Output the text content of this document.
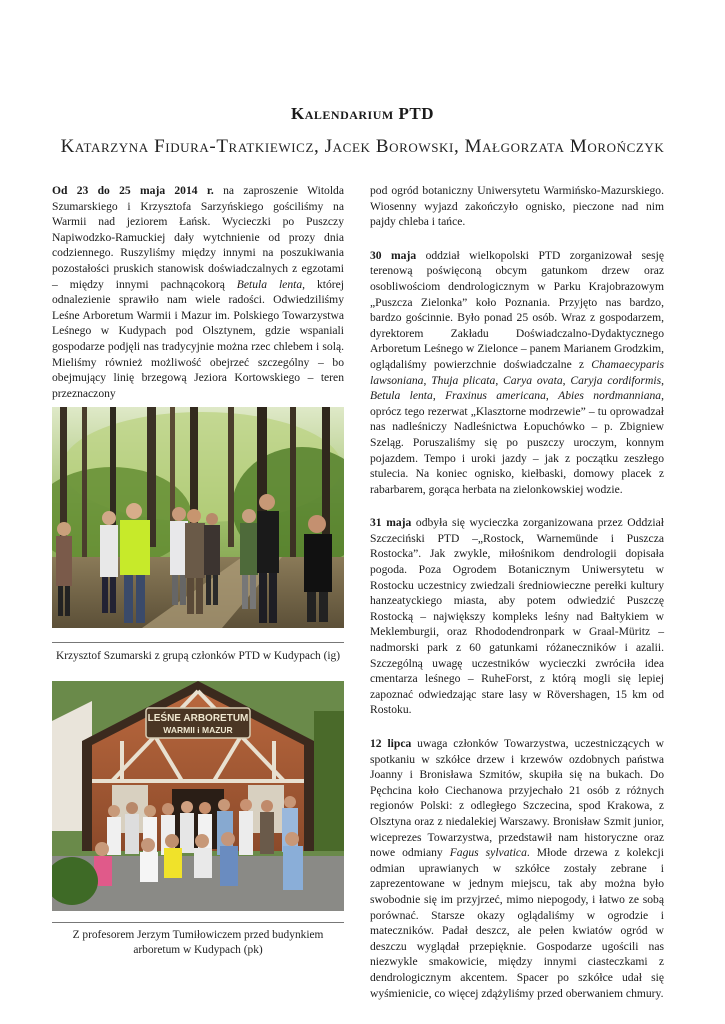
Kalendarium PTD
Katarzyna Fidura-Tratkiewicz, Jacek Borowski, Małgorzata Morończyk

Od 23 do 25 maja 2014 r. na zaproszenie Witolda Szumarskiego i Krzysztofa Sarzyńskiego gościliśmy na Warmii nad jeziorem Łańsk. Wycieczki po Puszczy Napiwodzko-Ramuckiej dały wytchnienie od prozy dnia codziennego. Ruszyliśmy między innymi na poszukiwania pozostałości pruskich stanowisk doświadczalnych z egzotami – między innymi pachnącokorą Betula lenta, której odnalezienie sprawiło nam wiele radości. Odwiedziliśmy Leśne Arboretum Warmii i Mazur im. Polskiego Towarzystwa Leśnego w Kudypach pod Olsztynem, gdzie wspaniali gospodarze podjęli nas tradycyjnie można rzec chlebem i solą. Mieliśmy również możliwość obejrzeć szczególny – bo obejmujący linię brzegową Jeziora Kortowskiego – teren przeznaczony

Krzysztof Szumarski z grupą członków PTD w Kudypach (ig)
LEŚNE ARBORETUM
WARMII i MAZUR
Z profesorem Jerzym Tumiłowiczem przed budynkiem arboretum w Kudypach (pk)

pod ogród botaniczny Uniwersytetu Warmińsko-Mazurskiego. Wiosenny wyjazd zakończyło ognisko, pieczone nad nim pajdy chleba i tańce.

30 maja oddział wielkopolski PTD zorganizował sesję terenową poświęconą obcym gatunkom drzew oraz osobliwościom dendrologicznym w Parku Krajobrazowym „Puszcza Zielonka” koło Poznania. Przyjęto nas bardzo, bardzo gościnnie. Było ponad 25 osób. Wraz z gospodarzem, dyrektorem Zakładu Doświadczalno-Dydaktycznego Arboretum Leśnego w Zielonce – panem Marianem Grodzkim, oglądaliśmy powierzchnie doświadczalne z Chamaecyparis lawsoniana, Thuja plicata, Carya ovata, Caryja cordiformis, Betula lenta, Fraxinus americana, Abies nordmanniana, oprócz tego rezerwat „Klasztorne modrzewie” – tu oprowadzał nas nadleśniczy Nadleśnictwa Łopuchówko – p. Zbigniew Szeląg. Poruszaliśmy się po puszczy uroczym, konnym pojazdem. Tempo i uroki jazdy – jak z początku zeszłego stulecia. Na koniec ognisko, kiełbaski, domowy placek z rabarbarem, gorąca herbata na zielonkowskiej wodzie.

31 maja odbyła się wycieczka zorganizowana przez Oddział Szczeciński PTD –„Rostock, Warnemünde i Puszcza Rostocka”. Jak zwykle, miłośnikom dendrologii dopisała pogoda. Poza Ogrodem Botanicznym Uniwersytetu w Rostocku uczestnicy zwiedzali średniowieczne perełki kultury hanzeatyckiego miasta, aby potem odwiedzić Puszczę Rostocką – największy kompleks leśny nad Bałtykiem w Meklemburgii, oraz Rhododendronpark w Graal-Müritz – nadmorski park z 60 gatunkami różaneczników i azalii. Szczególną uwagę uczestników wycieczki zwróciła idea cmentarza leśnego – RuheForst, z którą mogli się lepiej zapoznać odwiedzając stare lasy w Rövershagen, 15 km od Rostoku.

12 lipca uwaga członków Towarzystwa, uczestniczących w spotkaniu w szkółce drzew i krzewów ozdobnych państwa Joanny i Bronisława Szmitów, skupiła się na bukach. Do Pęchcina koło Ciechanowa przyjechało 21 osób z różnych regionów Polski: z odległego Szczecina, spod Krakowa, z Olsztyna oraz z niedalekiej Warszawy. Bronisław Szmit junior, wiceprezes Towarzystwa, przedstawił nam historyczne oraz nowe odmiany Fagus sylvatica. Młode drzewa z kolekcji odmian uprawianych w szkółce zostały zebrane i zaprezentowane w jednym miejscu, tak aby można było swobodnie się im przyjrzeć, mimo niepogody, i łatwo ze sobą porównać. Starsze okazy oglądaliśmy w ogrodzie i mateczników. Padał deszcz, ale pełen kwiatów ogród w deszczu wyglądał przepięknie. Gospodarze ugościli nas niezwykle smakowicie, między innymi ciasteczkami z dendrologicznym akcentem. Spacer po szkółce udał się wyśmienicie, co więcej zdążyliśmy przed oberwaniem chmury.
